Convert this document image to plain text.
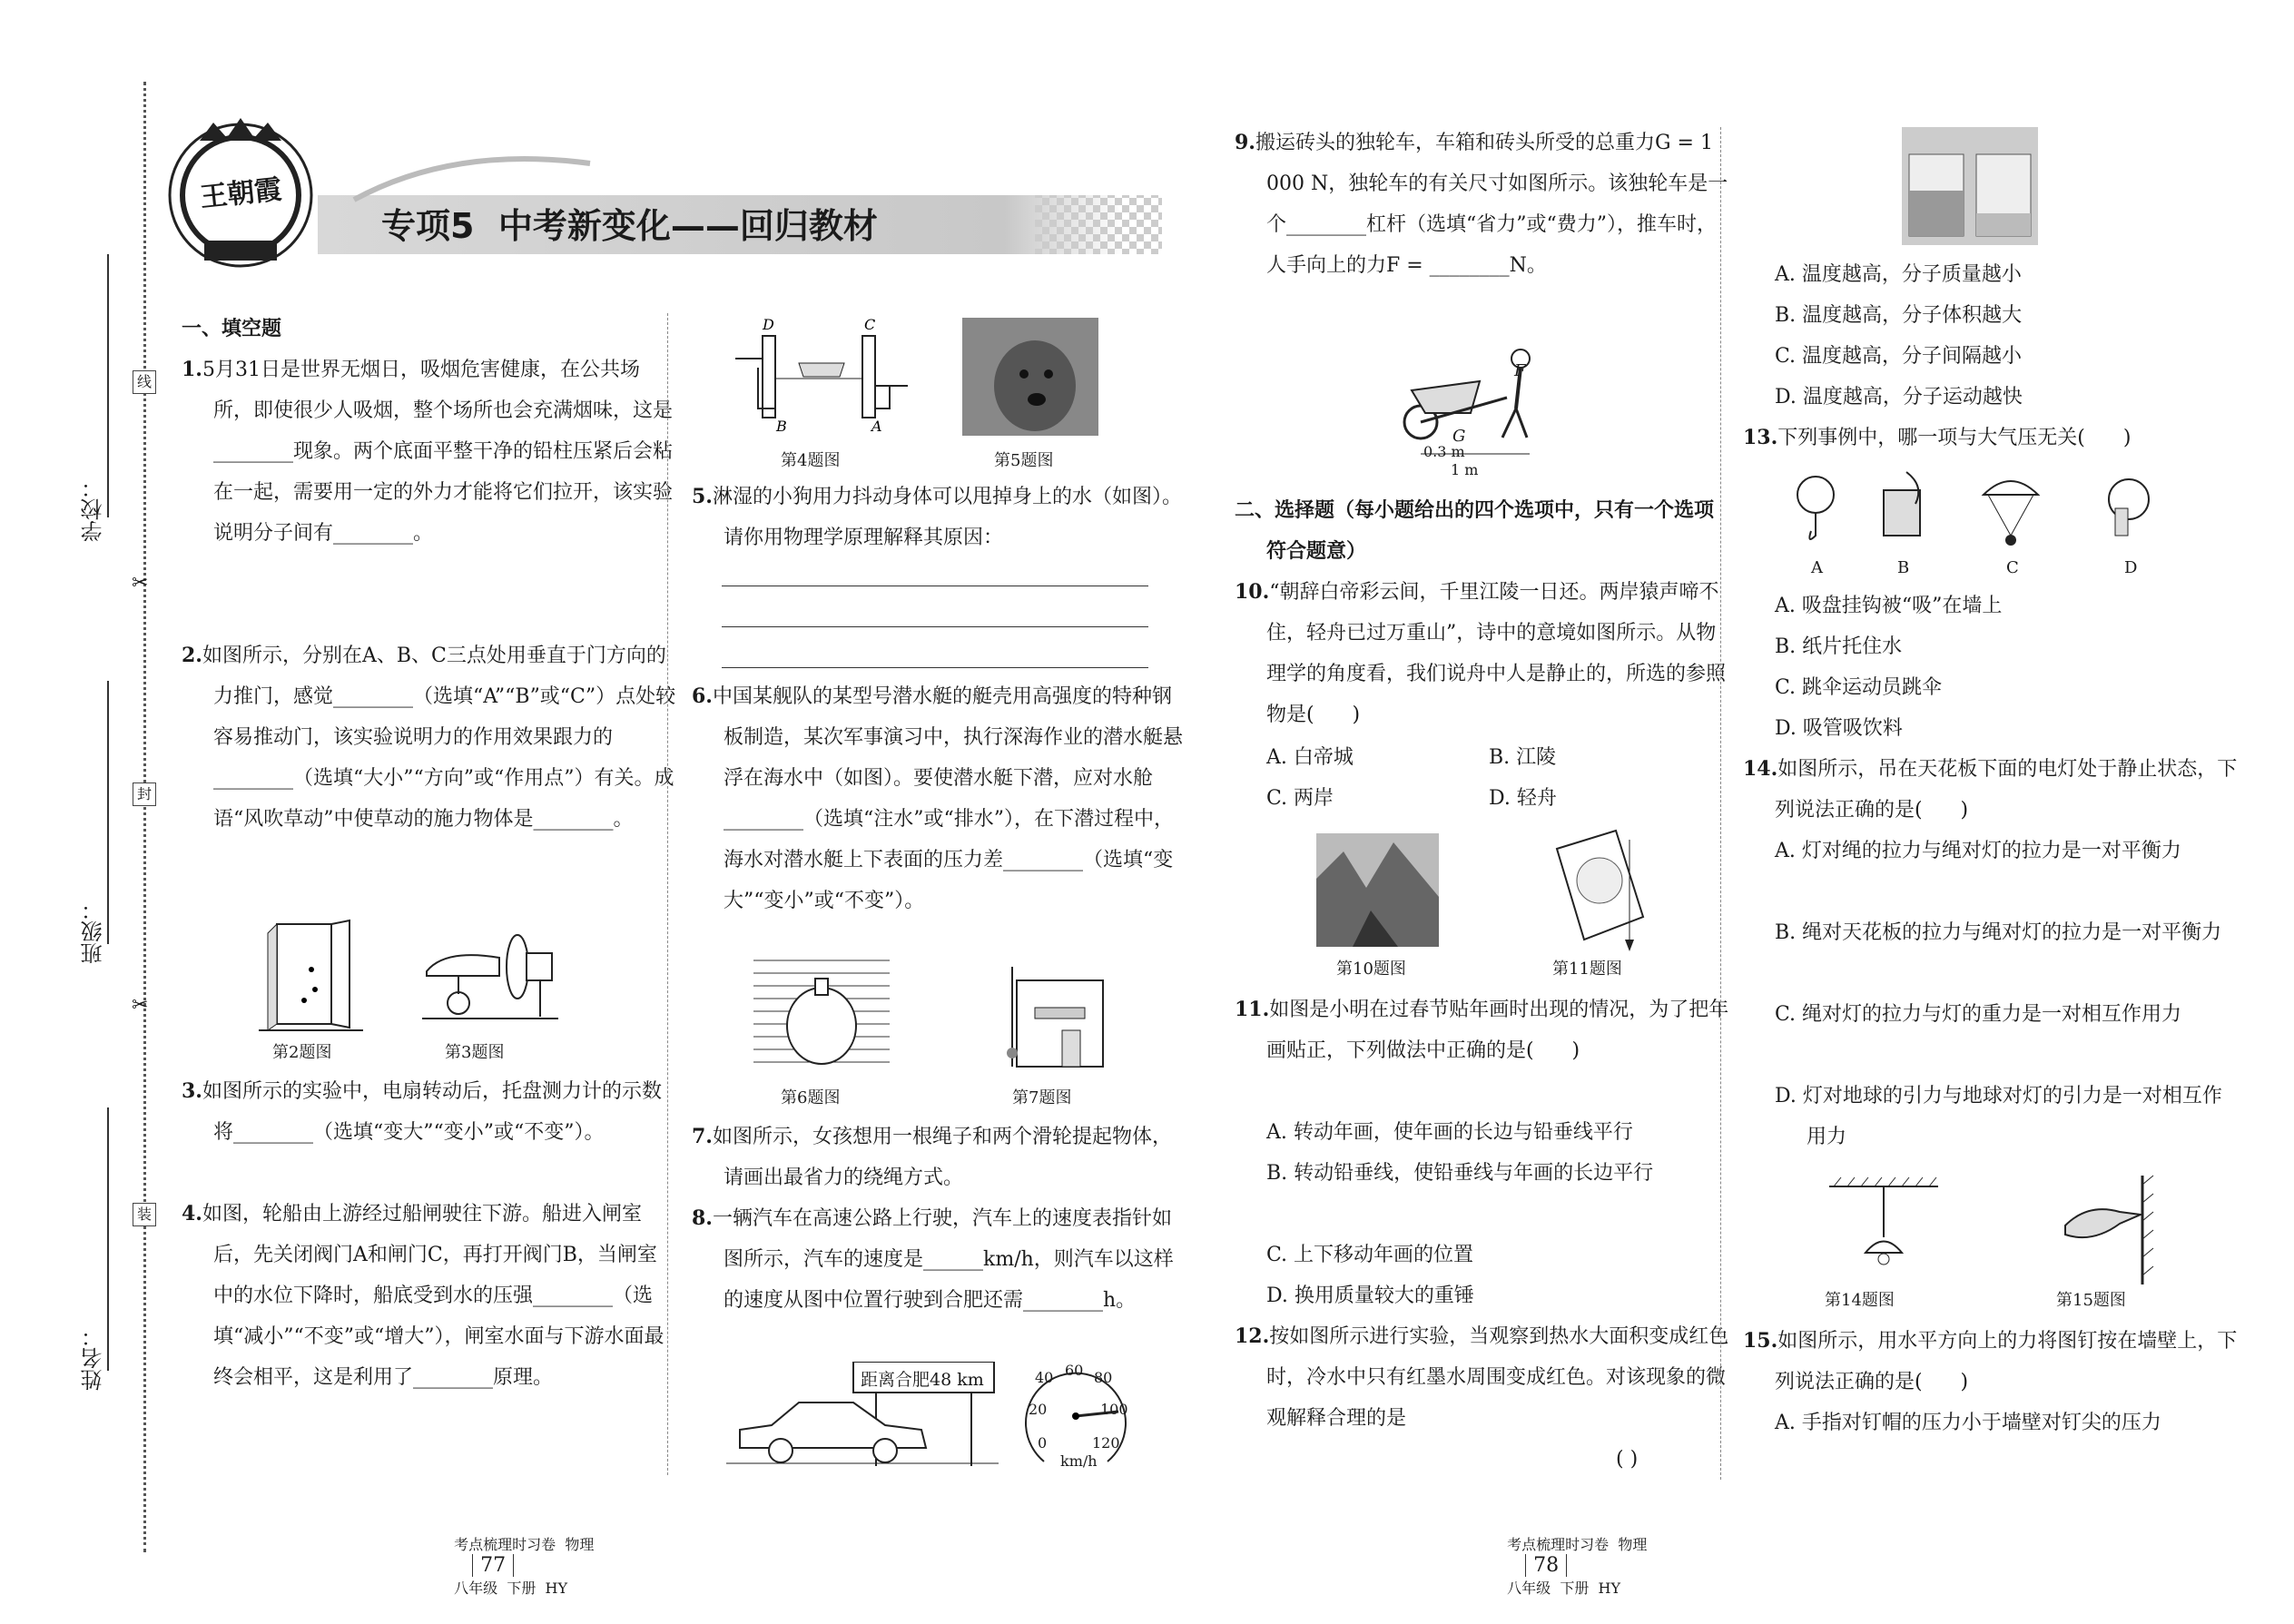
学校：
班级：
姓名：
线
封
装
✂
✂
王朝霞
专项5  中考新变化——回归教材
一、填空题
1.5月31日是世界无烟日，吸烟危害健康，在公共场所，即使很少人吸烟，整个场所也会充满烟味，这是________现象。两个底面平整干净的铅柱压紧后会粘在一起，需要用一定的外力才能将它们拉开，该实验说明分子间有________。
2.如图所示，分别在A、B、C三点处用垂直于门方向的力推门，感觉________（选填“A”“B”或“C”）点处较容易推动门，该实验说明力的作用效果跟力的________（选填“大小”“方向”或“作用点”）有关。成语“风吹草动”中使草动的施力物体是________。
第2题图	第3题图
3.如图所示的实验中，电扇转动后，托盘测力计的示数将________（选填“变大”“变小”或“不变”）。
4.如图，轮船由上游经过船闸驶往下游。船进入闸室后，先关闭阀门A和闸门C，再打开阀门B，当闸室中的水位下降时，船底受到水的压强________（选填“减小”“不变”或“增大”），闸室水面与下游水面最终会相平，这是利用了________原理。
D	C
B	A
第4题图	第5题图
5.淋湿的小狗用力抖动身体可以甩掉身上的水（如图）。请你用物理学原理解释其原因：
6.中国某舰队的某型号潜水艇的艇壳用高强度的特种钢板制造，某次军事演习中，执行深海作业的潜水艇悬浮在海水中（如图）。要使潜水艇下潜，应对水舱________（选填“注水”或“排水”），在下潜过程中，海水对潜水艇上下表面的压力差________（选填“变大”“变小”或“不变”）。
第6题图	第7题图
7.如图所示，女孩想用一根绳子和两个滑轮提起物体，请画出最省力的绕绳方式。
8.一辆汽车在高速公路上行驶，汽车上的速度表指针如图所示，汽车的速度是______km/h，则汽车以这样的速度从图中位置行驶到合肥还需________h。
距离合肥48 km
0
20
40 60 80
100
120
km/h
9.搬运砖头的独轮车，车箱和砖头所受的总重力G = 1 000 N，独轮车的有关尺寸如图所示。该独轮车是一个________杠杆（选填“省力”或“费力”），推车时，人手向上的力F = ________N。
F
G
0.3 m
1 m
二、选择题（每小题给出的四个选项中，只有一个选项符合题意）
10.“朝辞白帝彩云间，千里江陵一日还。两岸猿声啼不住，轻舟已过万重山”，诗中的意境如图所示。从物理学的角度看，我们说舟中人是静止的，所选的参照物是(      )
A. 白帝城	B. 江陵
C. 两岸	D. 轻舟
第10题图	第11题图
11.如图是小明在过春节贴年画时出现的情况，为了把年画贴正，下列做法中正确的是(      )
A. 转动年画，使年画的长边与铅垂线平行
B. 转动铅垂线，使铅垂线与年画的长边平行
C. 上下移动年画的位置
D. 换用质量较大的重锤
12.按如图所示进行实验，当观察到热水大面积变成红色时，冷水中只有红墨水周围变成红色。对该现象的微观解释合理的是
( )
A. 温度越高，分子质量越小
B. 温度越高，分子体积越大
C. 温度越高，分子间隔越小
D. 温度越高，分子运动越快
13.下列事例中，哪一项与大气压无关(      )
A	B	C	D
A. 吸盘挂钩被“吸”在墙上
B. 纸片托住水
C. 跳伞运动员跳伞
D. 吸管吸饮料
14.如图所示，吊在天花板下面的电灯处于静止状态，下列说法正确的是(      )
A. 灯对绳的拉力与绳对灯的拉力是一对平衡力
B. 绳对天花板的拉力与绳对灯的拉力是一对平衡力
C. 绳对灯的拉力与灯的重力是一对相互作用力
D. 灯对地球的引力与地球对灯的引力是一对相互作用力
第14题图	第15题图
15.如图所示，用水平方向上的力将图钉按在墙壁上，下列说法正确的是(      )
A. 手指对钉帽的压力小于墙壁对钉尖的压力

考点梳理时习卷  物理
77
八年级  下册  HY

考点梳理时习卷  物理
78
八年级  下册  HY
